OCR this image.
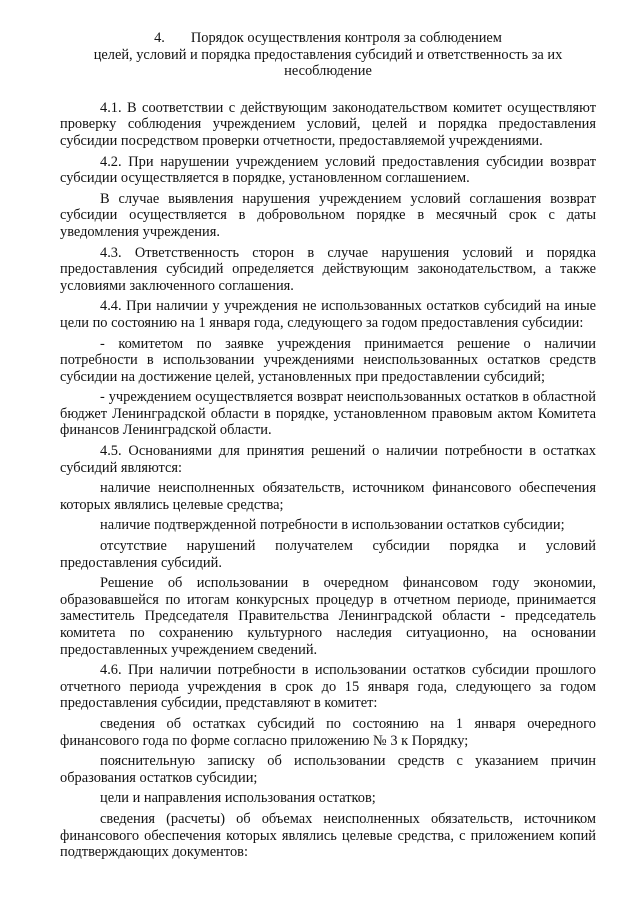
4. Порядок осуществления контроля за соблюдением
целей, условий и порядка предоставления субсидий и ответственность за их несоблюдение

4.1. В соответствии с действующим законодательством комитет осуществляют проверку соблюдения учреждением условий, целей и порядка предоставления субсидии посредством проверки отчетности, предоставляемой учреждениями.

4.2. При нарушении учреждением условий предоставления субсидии возврат субсидии осуществляется в порядке, установленном соглашением.

В случае выявления нарушения учреждением условий соглашения возврат субсидии осуществляется в добровольном порядке в месячный срок с даты уведомления учреждения.

4.3. Ответственность сторон в случае нарушения условий и порядка предоставления субсидий определяется действующим законодательством, а также условиями заключенного соглашения.

4.4. При наличии у учреждения не использованных остатков субсидий на иные цели по состоянию на 1 января года, следующего за годом предоставления субсидии:

- комитетом по заявке учреждения принимается решение о наличии потребности в использовании учреждениями неиспользованных остатков средств субсидии на достижение целей, установленных при предоставлении субсидий;

- учреждением осуществляется возврат неиспользованных остатков в областной бюджет Ленинградской области в порядке, установленном правовым актом Комитета финансов Ленинградской области.

4.5. Основаниями для принятия решений о наличии потребности в остатках субсидий являются:

наличие неисполненных обязательств, источником финансового обеспечения которых являлись целевые средства;

наличие подтвержденной потребности в использовании остатков субсидии;

отсутствие нарушений получателем субсидии порядка и условий предоставления субсидий.

Решение об использовании в очередном финансовом году экономии, образовавшейся по итогам конкурсных процедур в отчетном периоде, принимается заместитель Председателя Правительства Ленинградской области - председатель комитета по сохранению культурного наследия ситуационно, на основании предоставленных учреждением сведений.

4.6. При наличии потребности в использовании остатков субсидии прошлого отчетного периода учреждения в срок до 15 января года, следующего за годом предоставления субсидии, представляют в комитет:

сведения об остатках субсидий по состоянию на 1 января очередного финансового года по форме согласно приложению № 3 к Порядку;

пояснительную записку об использовании средств с указанием причин образования остатков субсидии;

цели и направления использования остатков;

сведения (расчеты) об объемах неисполненных обязательств, источником финансового обеспечения которых являлись целевые средства, с приложением копий подтверждающих документов:
